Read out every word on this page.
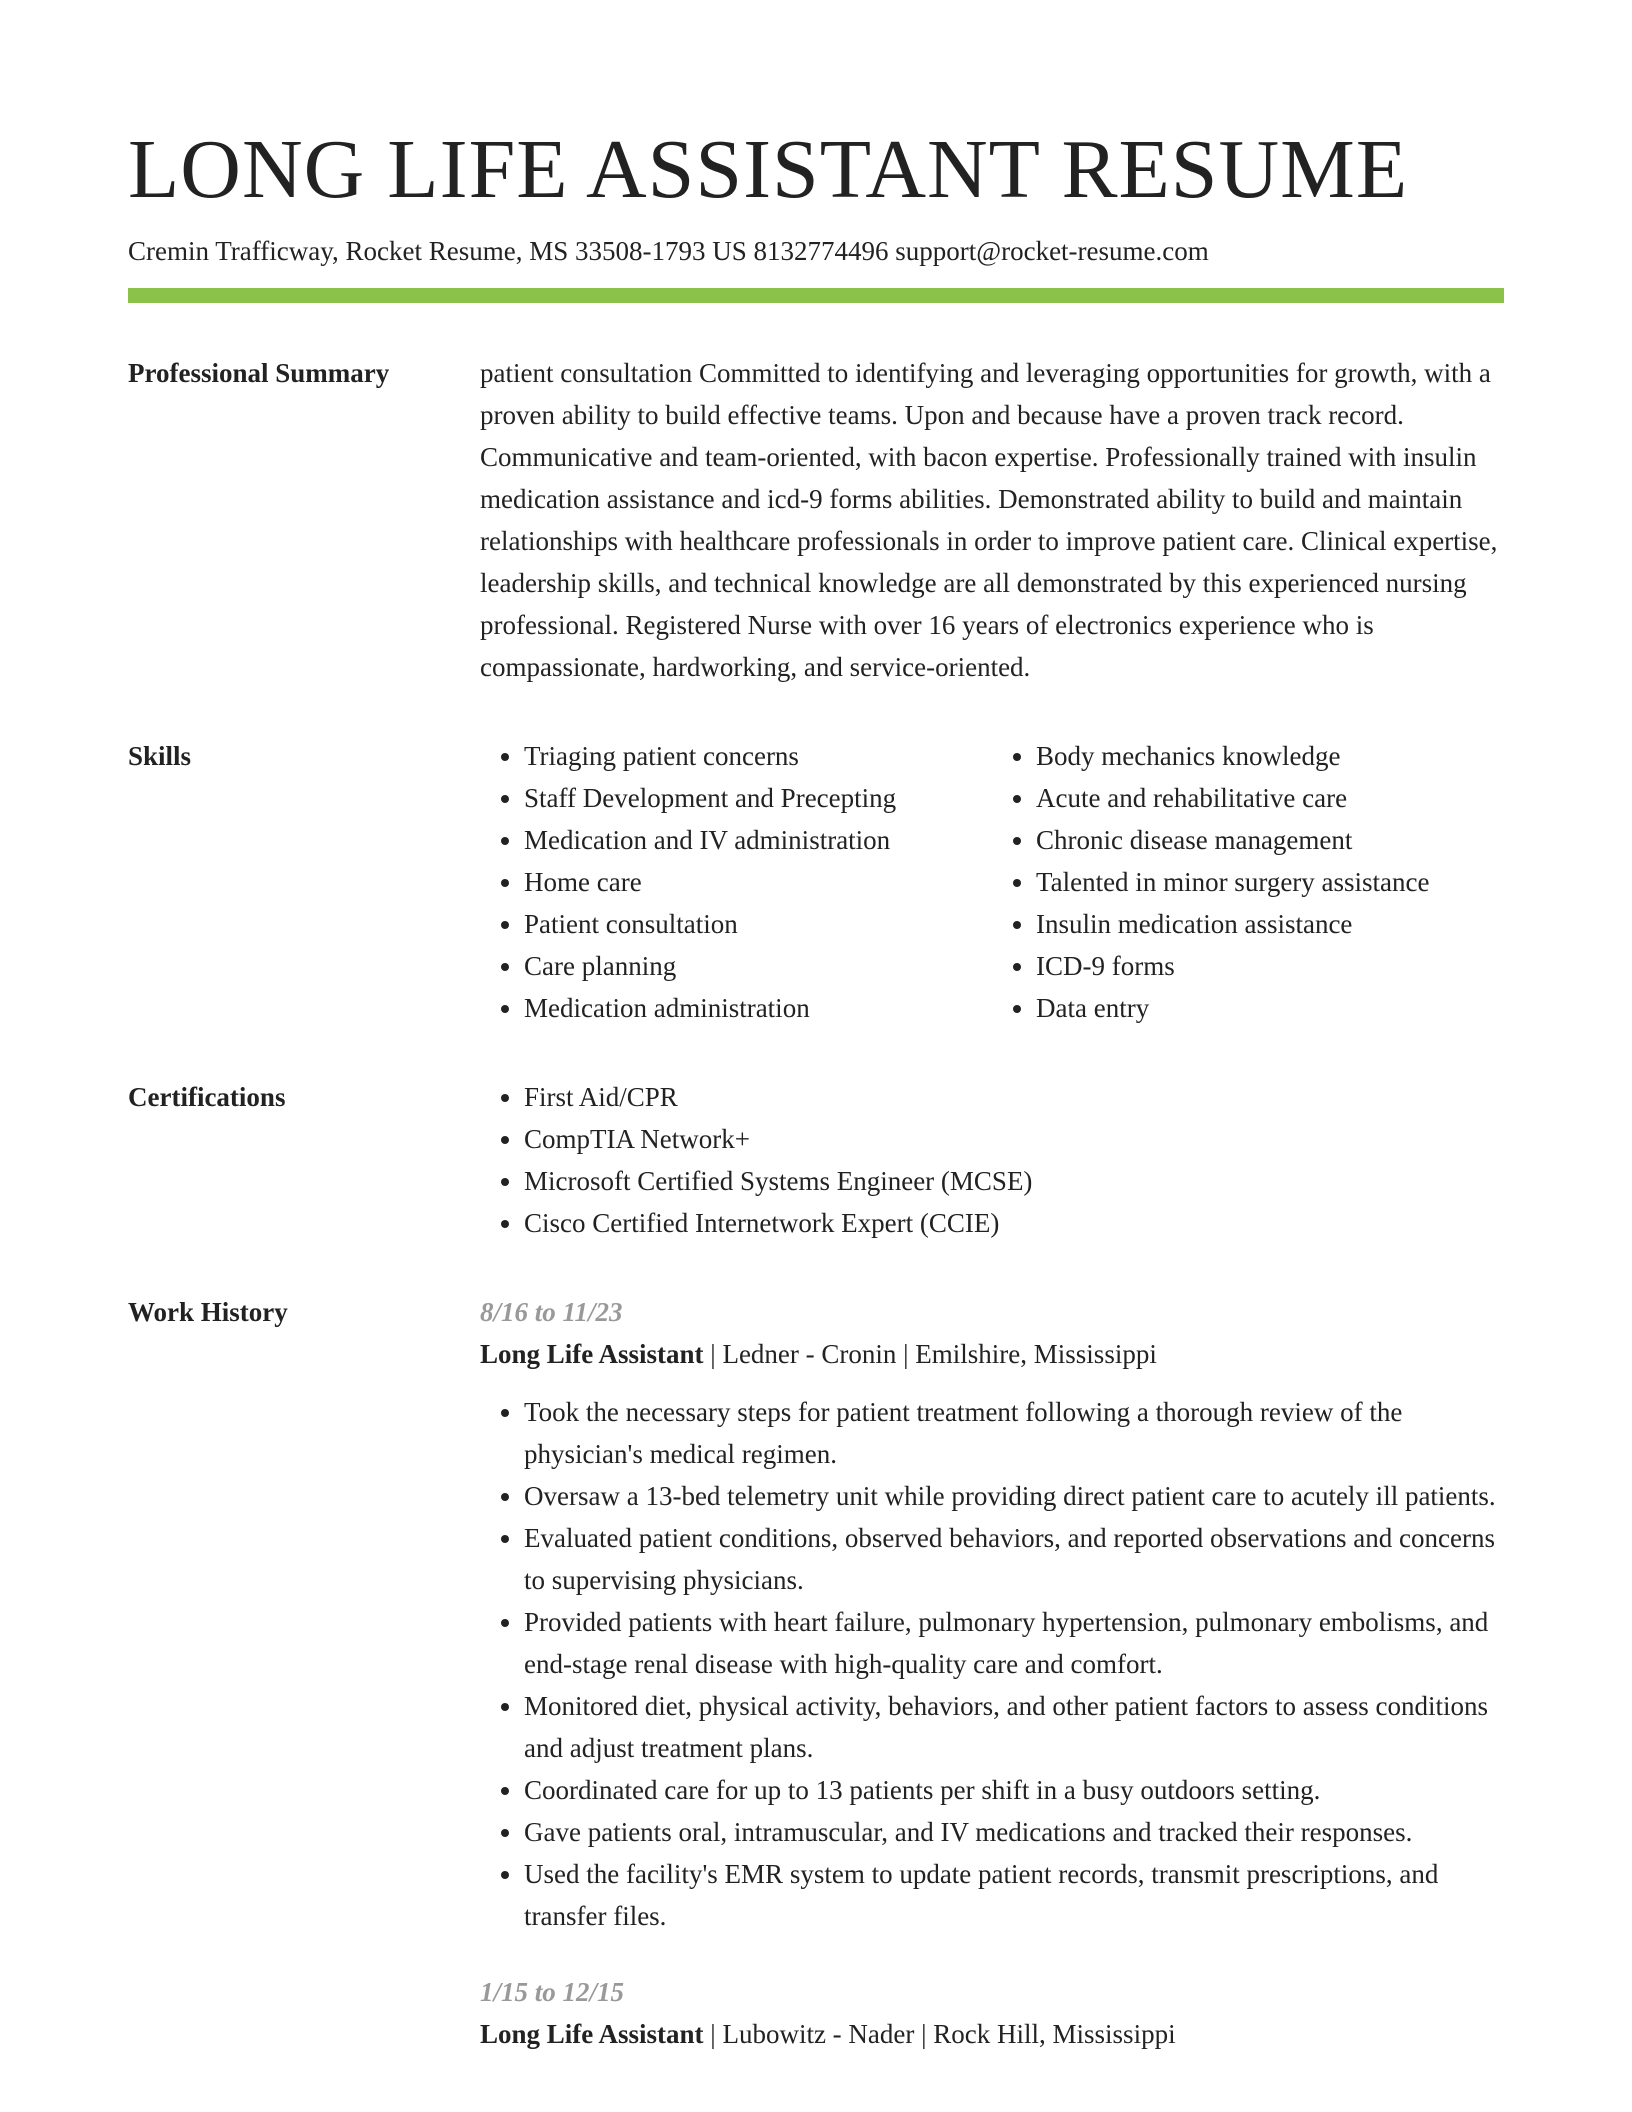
LONG LIFE ASSISTANT RESUME
Cremin Trafficway, Rocket Resume, MS 33508-1793 US 8132774496 support@rocket-resume.com
Professional Summary	patient consultation Committed to identifying and leveraging opportunities for growth, with a proven ability to build effective teams. Upon and because have a proven track record. Communicative and team-oriented, with bacon expertise. Professionally trained with insulin medication assistance and icd-9 forms abilities. Demonstrated ability to build and maintain relationships with healthcare professionals in order to improve patient care. Clinical expertise, leadership skills, and technical knowledge are all demonstrated by this experienced nursing professional. Registered Nurse with over 16 years of electronics experience who is compassionate, hardworking, and service-oriented.

Skills	• Triaging patient concerns
• Staff Development and Precepting
• Medication and IV administration
• Home care
• Patient consultation
• Care planning
• Medication administration
• Body mechanics knowledge
• Acute and rehabilitative care
• Chronic disease management
• Talented in minor surgery assistance
• Insulin medication assistance
• ICD-9 forms
• Data entry
Certifications	• First Aid/CPR
• CompTIA Network+
• Microsoft Certified Systems Engineer (MCSE)
• Cisco Certified Internetwork Expert (CCIE)
Work History	8/16 to 11/23
Long Life Assistant | Ledner - Cronin | Emilshire, Mississippi
• Took the necessary steps for patient treatment following a thorough review of the physician's medical regimen.
• Oversaw a 13-bed telemetry unit while providing direct patient care to acutely ill patients.
• Evaluated patient conditions, observed behaviors, and reported observations and concerns to supervising physicians.
• Provided patients with heart failure, pulmonary hypertension, pulmonary embolisms, and end-stage renal disease with high-quality care and comfort.
• Monitored diet, physical activity, behaviors, and other patient factors to assess conditions and adjust treatment plans.
• Coordinated care for up to 13 patients per shift in a busy outdoors setting.
• Gave patients oral, intramuscular, and IV medications and tracked their responses.
• Used the facility's EMR system to update patient records, transmit prescriptions, and transfer files.
1/15 to 12/15
Long Life Assistant | Lubowitz - Nader | Rock Hill, Mississippi
